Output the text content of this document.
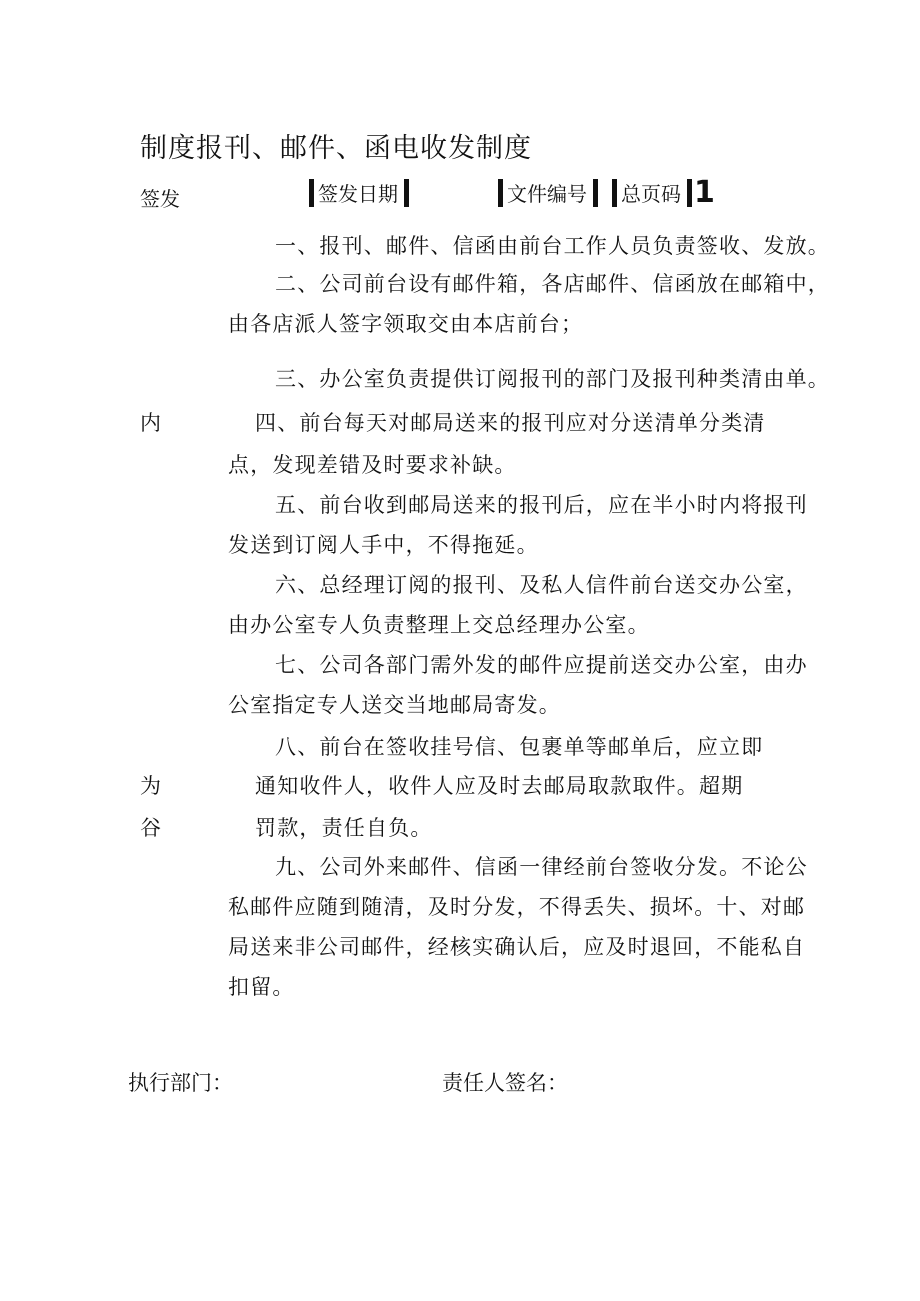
制度报刊、邮件、函电收发制度
签发	签发日期	文件编号 总页码 1
内
为
谷
一、报刊、邮件、信函由前台工作人员负责签收、发放。
二、公司前台设有邮件箱，各店邮件、信函放在邮箱中，
由各店派人签字领取交由本店前台；
三、办公室负责提供订阅报刊的部门及报刊种类清由单。
四、前台每天对邮局送来的报刊应对分送清单分类清
点，发现差错及时要求补缺。
五、前台收到邮局送来的报刊后，应在半小时内将报刊
发送到订阅人手中，不得拖延。
六、总经理订阅的报刊、及私人信件前台送交办公室，
由办公室专人负责整理上交总经理办公室。
七、公司各部门需外发的邮件应提前送交办公室，由办
公室指定专人送交当地邮局寄发。
八、前台在签收挂号信、包裹单等邮单后，应立即
通知收件人，收件人应及时去邮局取款取件。超期
罚款，责任自负。
九、公司外来邮件、信函一律经前台签收分发。不论公
私邮件应随到随清，及时分发，不得丢失、损坏。十、对邮
局送来非公司邮件，经核实确认后，应及时退回，不能私自
扣留。
执行部门：	责任人签名：
